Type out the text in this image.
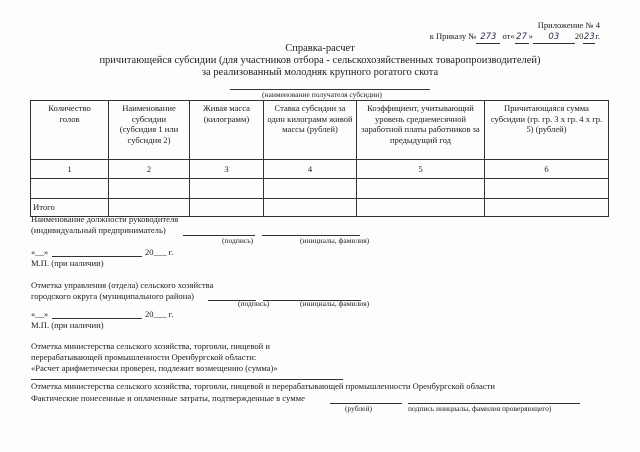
Приложение № 4
к Приказу № 273 от« 27 » 03 2023г.
Справка-расчет
причитающейся субсидии (для участников отбора - сельскохозяйственных товаропроизводителей)
за реализованный молодняк крупного рогатого скота
(наименование получателя субсидии)
Количество голов	Наименование субсидии (субсидия 1 или субсидия 2)	Живая масса (килограмм)	Ставка субсидии за один килограмм живой массы (рублей)	Коэффициент, учитывающий уровень среднемесячной заработной платы работников за предыдущий год	Причитающаяся сумма субсидии (гр. гр. 3 х гр. 4 х гр. 5) (рублей)
1	2	3	4	5	6

Итого					
Наименование должности руководителя
(индивидуальный предприниматель)
(подпись)	(инициалы, фамилия)
«__»	20___ г.
М.П. (при наличии)
Отметка управления (отдела) сельского хозяйства
городского округа (муниципального района)
(подпись)	(инициалы, фамилия)
«__»	20___ г.
М.П. (при наличии)
Отметка министерства сельского хозяйства, торговли, пищевой и
перерабатывающей промышленности Оренбургской области:
«Расчет арифметически проверен, подлежит возмещению (сумма)»
Отметка министерства сельского хозяйства, торговли, пищевой и перерабатывающей промышленности Оренбургской области
Фактические понесенные и оплаченные затраты, подтвержденные в сумме
(рублей)	подпись инициалы, фамилия проверяющего)
